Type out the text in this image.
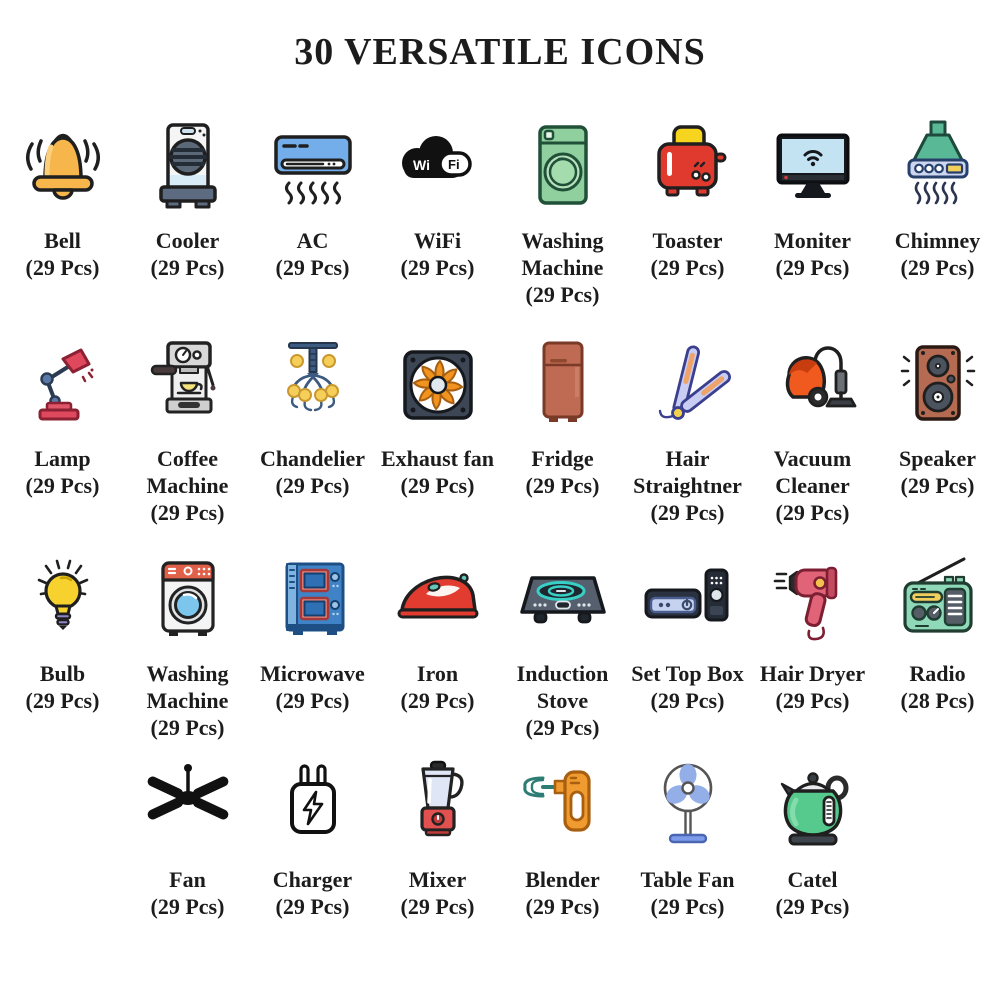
30 VERSATILE ICONS
Bell
(29 Pcs)
Cooler
(29 Pcs)
AC
(29 Pcs)
Wi Fi
WiFi
(29 Pcs)
Washing Machine
(29 Pcs)
Toaster
(29 Pcs)
Moniter
(29 Pcs)
Chimney
(29 Pcs)
Lamp
(29 Pcs)
Coffee Machine
(29 Pcs)
Chandelier
(29 Pcs)
Exhaust fan
(29 Pcs)
Fridge
(29 Pcs)
Hair Straightner
(29 Pcs)
Vacuum Cleaner
(29 Pcs)
Speaker
(29 Pcs)
Bulb
(29 Pcs)
Washing Machine
(29 Pcs)
Microwave
(29 Pcs)
Iron
(29 Pcs)
Induction Stove
(29 Pcs)
Set Top Box
(29 Pcs)
Hair Dryer
(29 Pcs)
Radio
(28 Pcs)
Fan
(29 Pcs)
Charger
(29 Pcs)
Mixer
(29 Pcs)
Blender
(29 Pcs)
Table Fan
(29 Pcs)
Catel
(29 Pcs)
